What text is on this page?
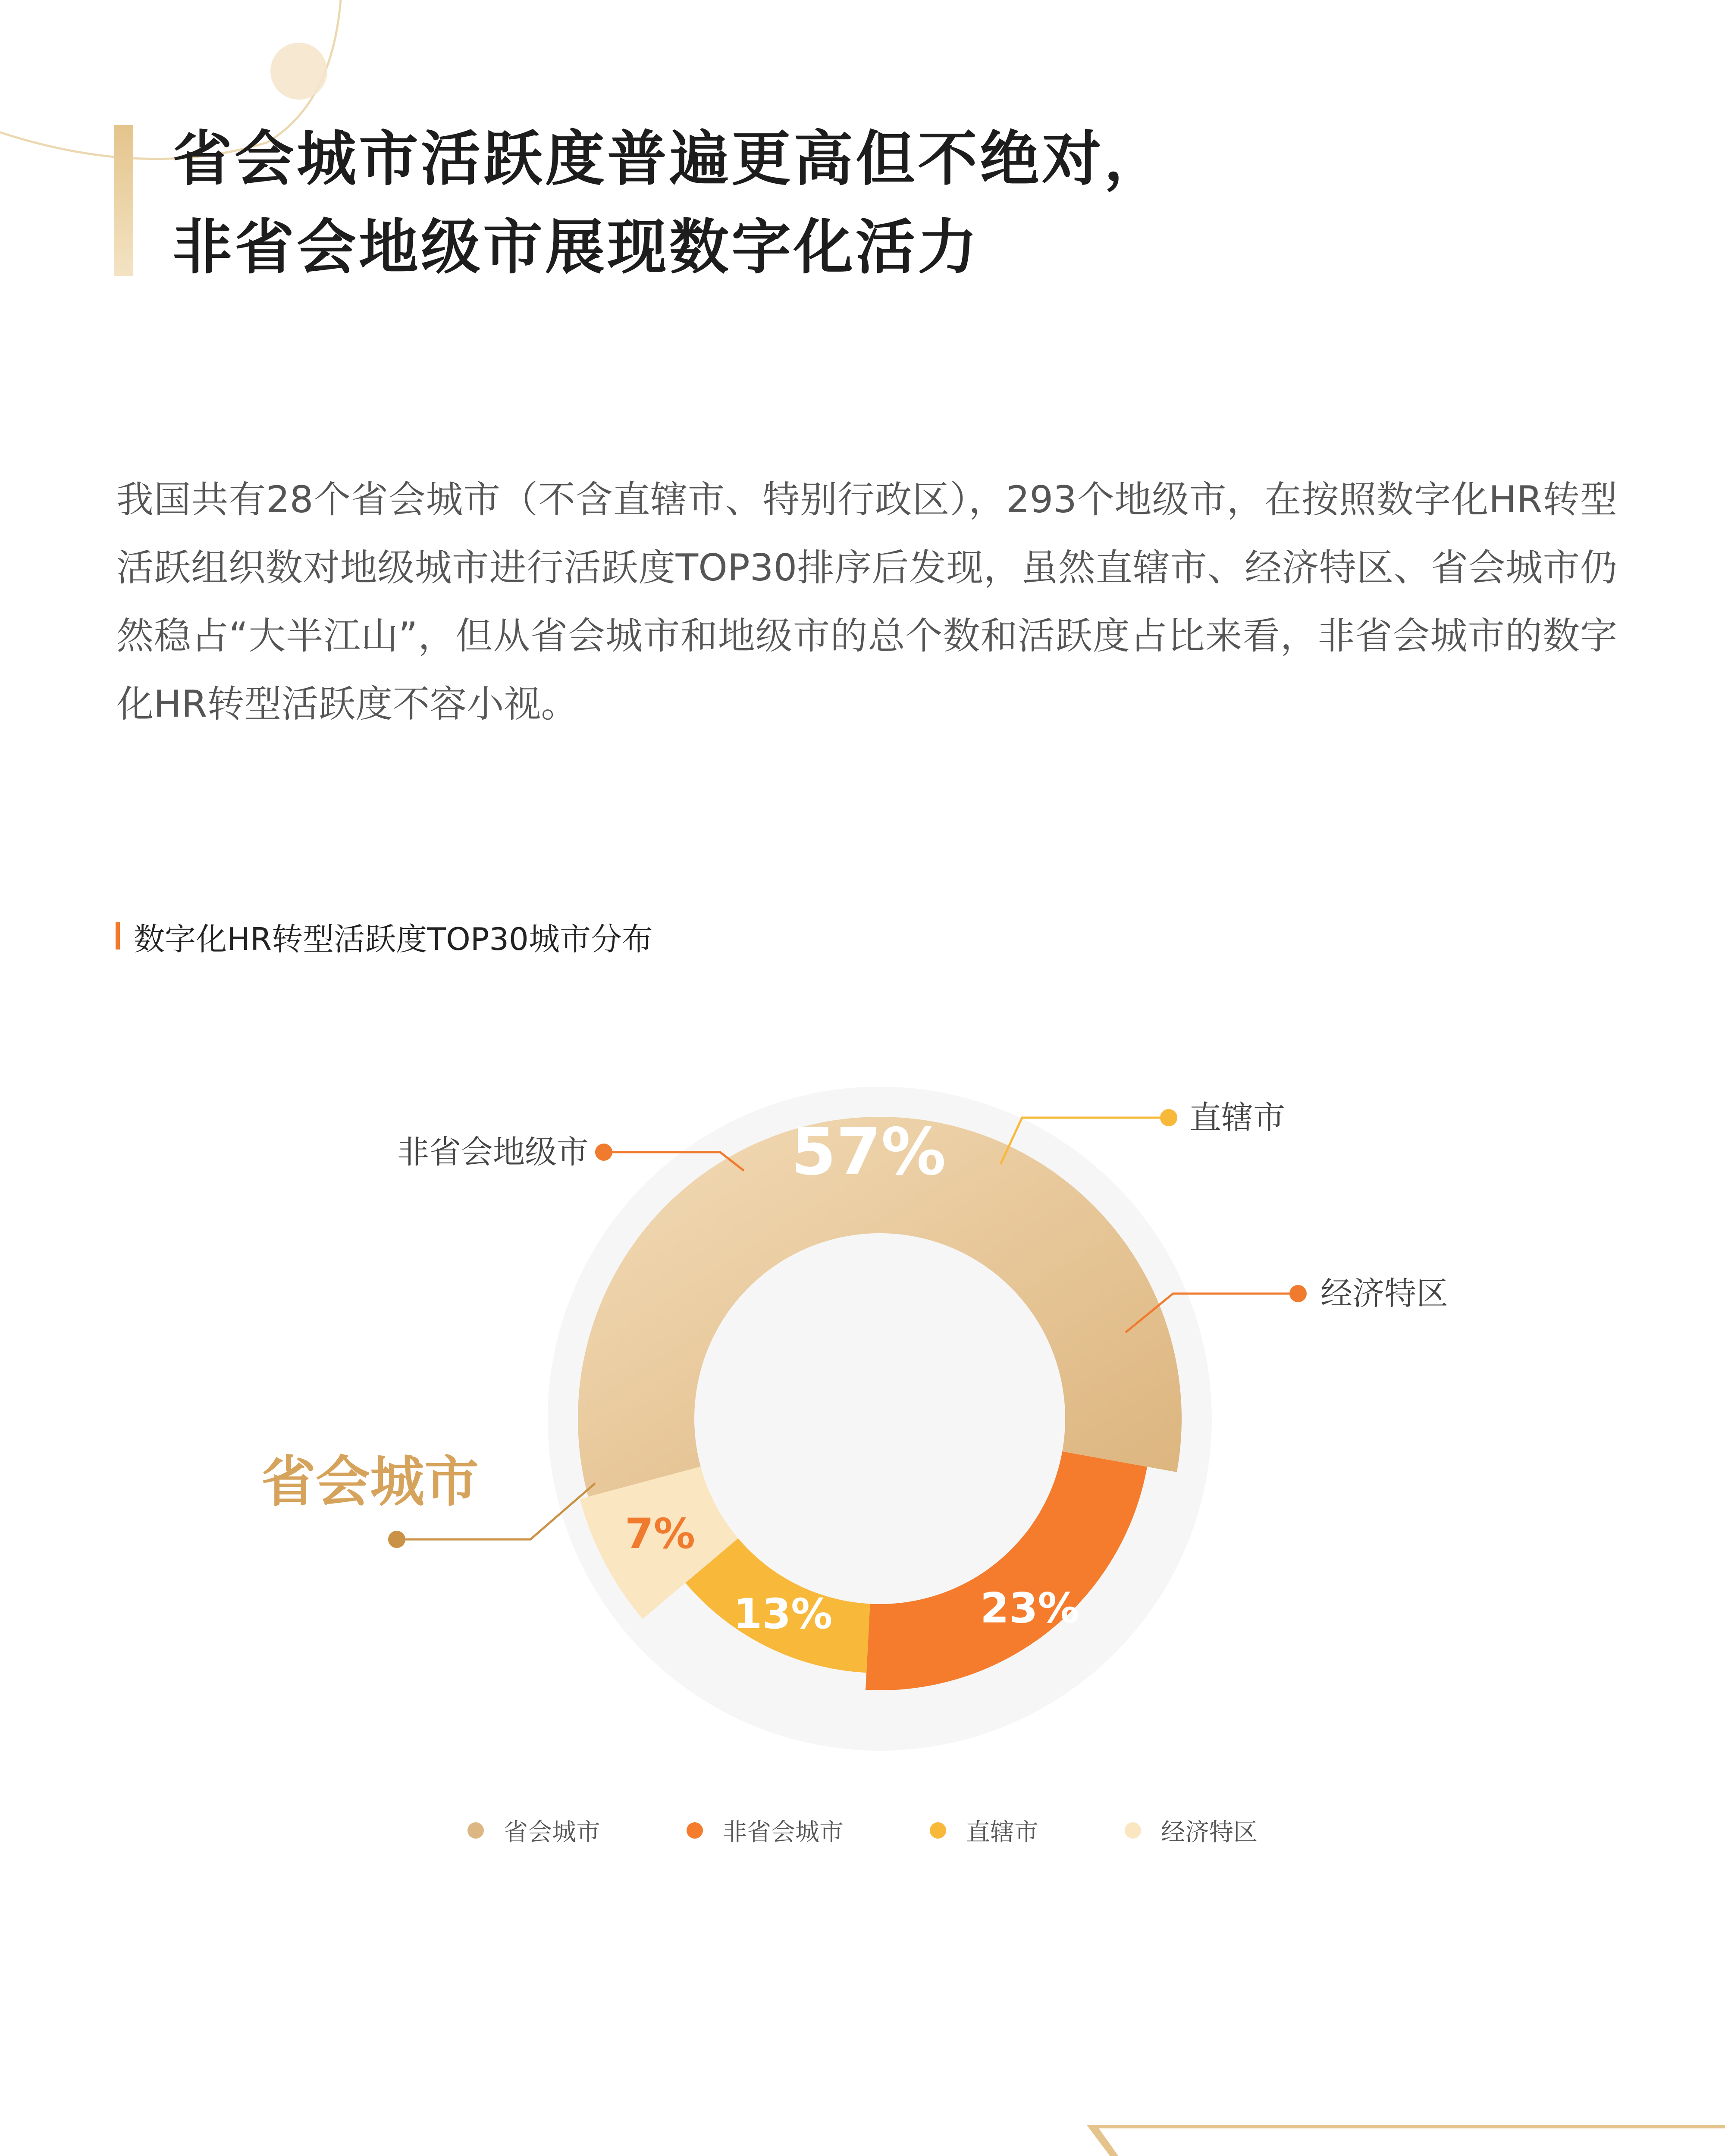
省会城市活跃度普遍更高但不绝对，
非省会地级市展现数字化活力
我国共有28个省会城市（不含直辖市、特别行政区），293个地级市，在按照数字化HR转型活跃组织数对地级城市进行活跃度TOP30排序后发现，虽然直辖市、经济特区、省会城市仍然稳占“大半江山”，但从省会城市和地级市的总个数和活跃度占比来看，非省会城市的数字化HR转型活跃度不容小视。
数字化HR转型活跃度TOP30城市分布
57%
23%
13%
7%
省会城市
非省会地级市
直辖市
经济特区
省会城市	非省会城市	直辖市	经济特区
